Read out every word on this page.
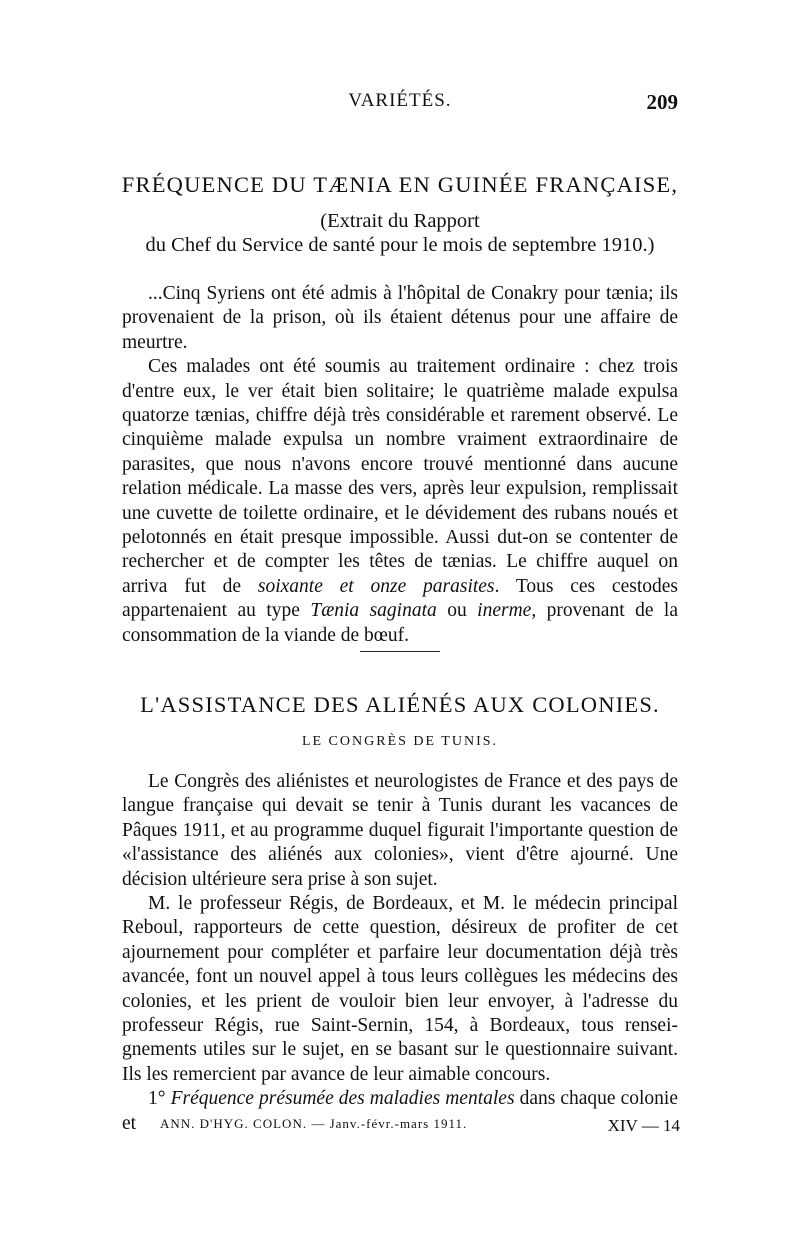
VARIÉTÉS.	209
FRÉQUENCE DU TÆNIA EN GUINÉE FRANÇAISE,
(Extrait du Rapport
du Chef du Service de santé pour le mois de septembre 1910.)

...Cinq Syriens ont été admis à l'hôpital de Conakry pour tænia; ils provenaient de la prison, où ils étaient détenus pour une affaire de meurtre.

Ces malades ont été soumis au traitement ordinaire : chez trois d'entre eux, le ver était bien solitaire; le quatrième malade expulsa quatorze tænias, chiffre déjà très considérable et rarement observé. Le cinquième malade expulsa un nombre vraiment extraordinaire de parasites, que nous n'avons encore trouvé mentionné dans aucune relation médicale. La masse des vers, après leur expulsion, remplissait une cuvette de toilette ordinaire, et le dévidement des rubans noués et pelotonnés en était presque impossible. Aussi dut-on se contenter de rechercher et de compter les têtes de tænias. Le chiffre auquel on arriva fut de soixante et onze parasites. Tous ces cestodes appartenaient au type Tænia saginata ou inerme, provenant de la consommation de la viande de bœuf.

L'ASSISTANCE DES ALIÉNÉS AUX COLONIES.
LE CONGRÈS DE TUNIS.

Le Congrès des aliénistes et neurologistes de France et des pays de langue française qui devait se tenir à Tunis durant les vacances de Pâques 1911, et au programme duquel figurait l'importante question de «l'assistance des aliénés aux colonies», vient d'être ajourné. Une décision ultérieure sera prise à son sujet.

M. le professeur Régis, de Bordeaux, et M. le médecin principal Reboul, rapporteurs de cette question, désireux de profiter de cet ajournement pour compléter et parfaire leur documentation déjà très avancée, font un nouvel appel à tous leurs collègues les médecins des colonies, et les prient de vouloir bien leur envoyer, à l'adresse du professeur Régis, rue Saint-Sernin, 154, à Bordeaux, tous renseignements utiles sur le sujet, en se basant sur le questionnaire suivant. Ils les remercient par avance de leur aimable concours.

1° Fréquence présumée des maladies mentales dans chaque colonie et	ANN. D'HYG. COLON. — Janv.-févr.-mars 1911.	XIV — 14
